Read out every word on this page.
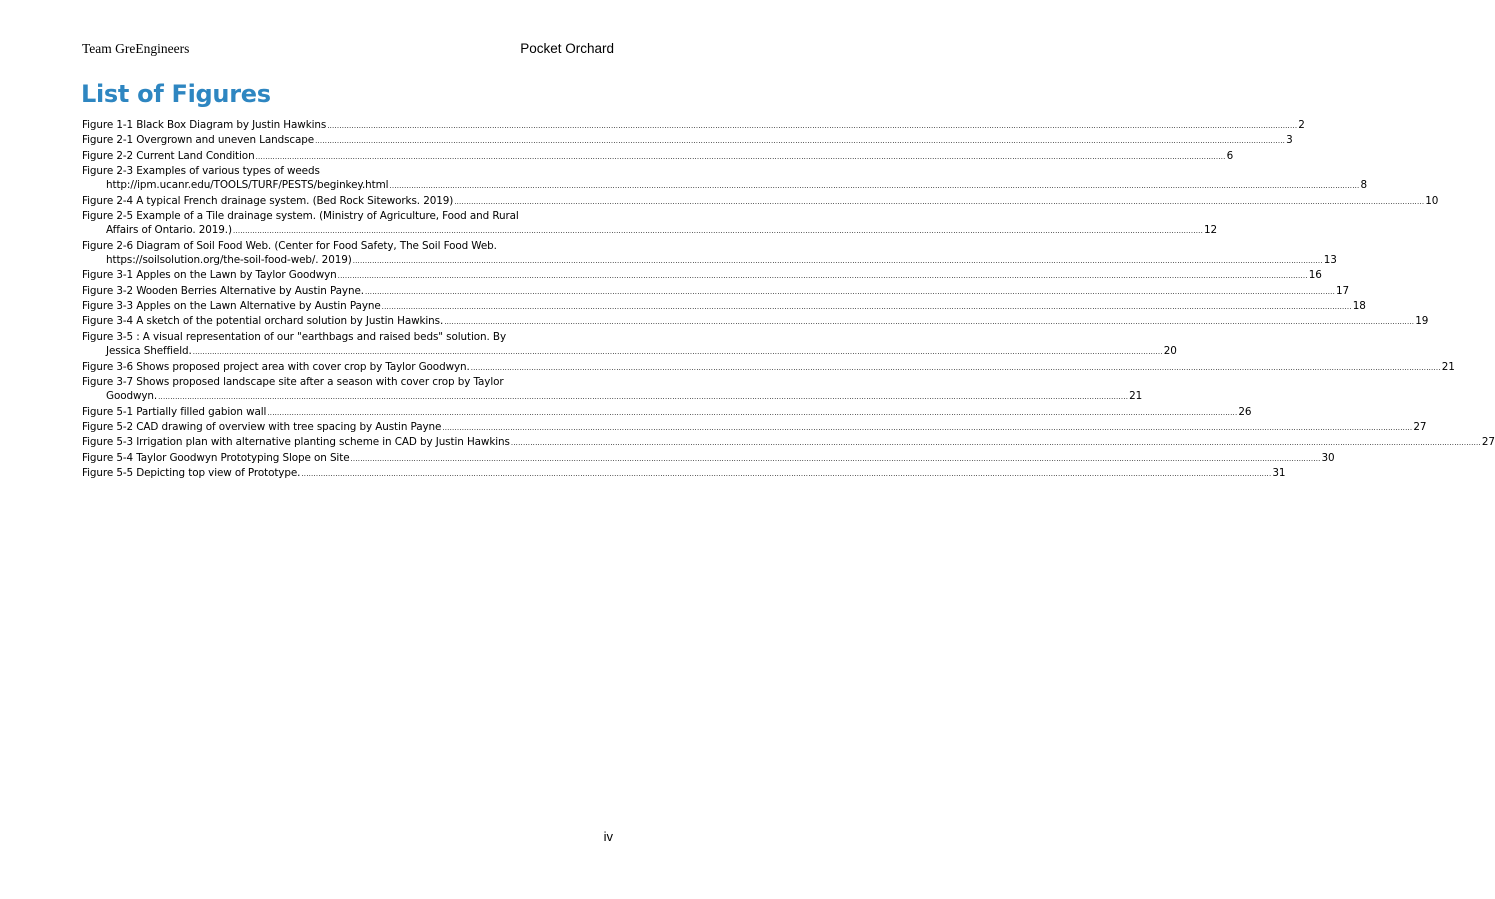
Team GreEngineers	Pocket Orchard
List of Figures
Figure 1-1 Black Box Diagram by Justin Hawkins ................................................................................................................................................................................................................................................................................................................................................................................................................ 2
Figure 2-1 Overgrown and uneven Landscape ................................................................................................................................................................................................................................................................................................................................................................................................................ 3
Figure 2-2 Current Land Condition ................................................................................................................................................................................................................................................................................................................................................................................................................ 6
Figure 2-3 Examples of various types of weeds
http://ipm.ucanr.edu/TOOLS/TURF/PESTS/beginkey.html ................................................................................................................................................................................................................................................................................................................................................................................................................ 8
Figure 2-4 A typical French drainage system. (Bed Rock Siteworks. 2019) ................................................................................................................................................................................................................................................................................................................................................................................................................ 10
Figure 2-5 Example of a Tile drainage system. (Ministry of Agriculture, Food and Rural
Affairs of Ontario. 2019.) ................................................................................................................................................................................................................................................................................................................................................................................................................ 12
Figure 2-6 Diagram of Soil Food Web. (Center for Food Safety, The Soil Food Web.
https://soilsolution.org/the-soil-food-web/. 2019) ................................................................................................................................................................................................................................................................................................................................................................................................................ 13
Figure 3-1 Apples on the Lawn by Taylor Goodwyn ................................................................................................................................................................................................................................................................................................................................................................................................................ 16
Figure 3-2 Wooden Berries Alternative by Austin Payne. ................................................................................................................................................................................................................................................................................................................................................................................................................ 17
Figure 3-3 Apples on the Lawn Alternative by Austin Payne ................................................................................................................................................................................................................................................................................................................................................................................................................ 18
Figure 3-4 A sketch of the potential orchard solution by Justin Hawkins. ................................................................................................................................................................................................................................................................................................................................................................................................................ 19
Figure 3-5 : A visual representation of our "earthbags and raised beds" solution. By
Jessica Sheffield. ................................................................................................................................................................................................................................................................................................................................................................................................................ 20
Figure 3-6 Shows proposed project area with cover crop by Taylor Goodwyn. ................................................................................................................................................................................................................................................................................................................................................................................................................ 21
Figure 3-7 Shows proposed landscape site after a season with cover crop by Taylor
Goodwyn. ................................................................................................................................................................................................................................................................................................................................................................................................................ 21
Figure 5-1 Partially filled gabion wall ................................................................................................................................................................................................................................................................................................................................................................................................................ 26
Figure 5-2 CAD drawing of overview with tree spacing by Austin Payne ................................................................................................................................................................................................................................................................................................................................................................................................................ 27
Figure 5-3 Irrigation plan with alternative planting scheme in CAD by Justin Hawkins ................................................................................................................................................................................................................................................................................................................................................................................................................ 27
Figure 5-4 Taylor Goodwyn Prototyping Slope on Site ................................................................................................................................................................................................................................................................................................................................................................................................................ 30
Figure 5-5 Depicting top view of Prototype. ................................................................................................................................................................................................................................................................................................................................................................................................................ 31
iv
